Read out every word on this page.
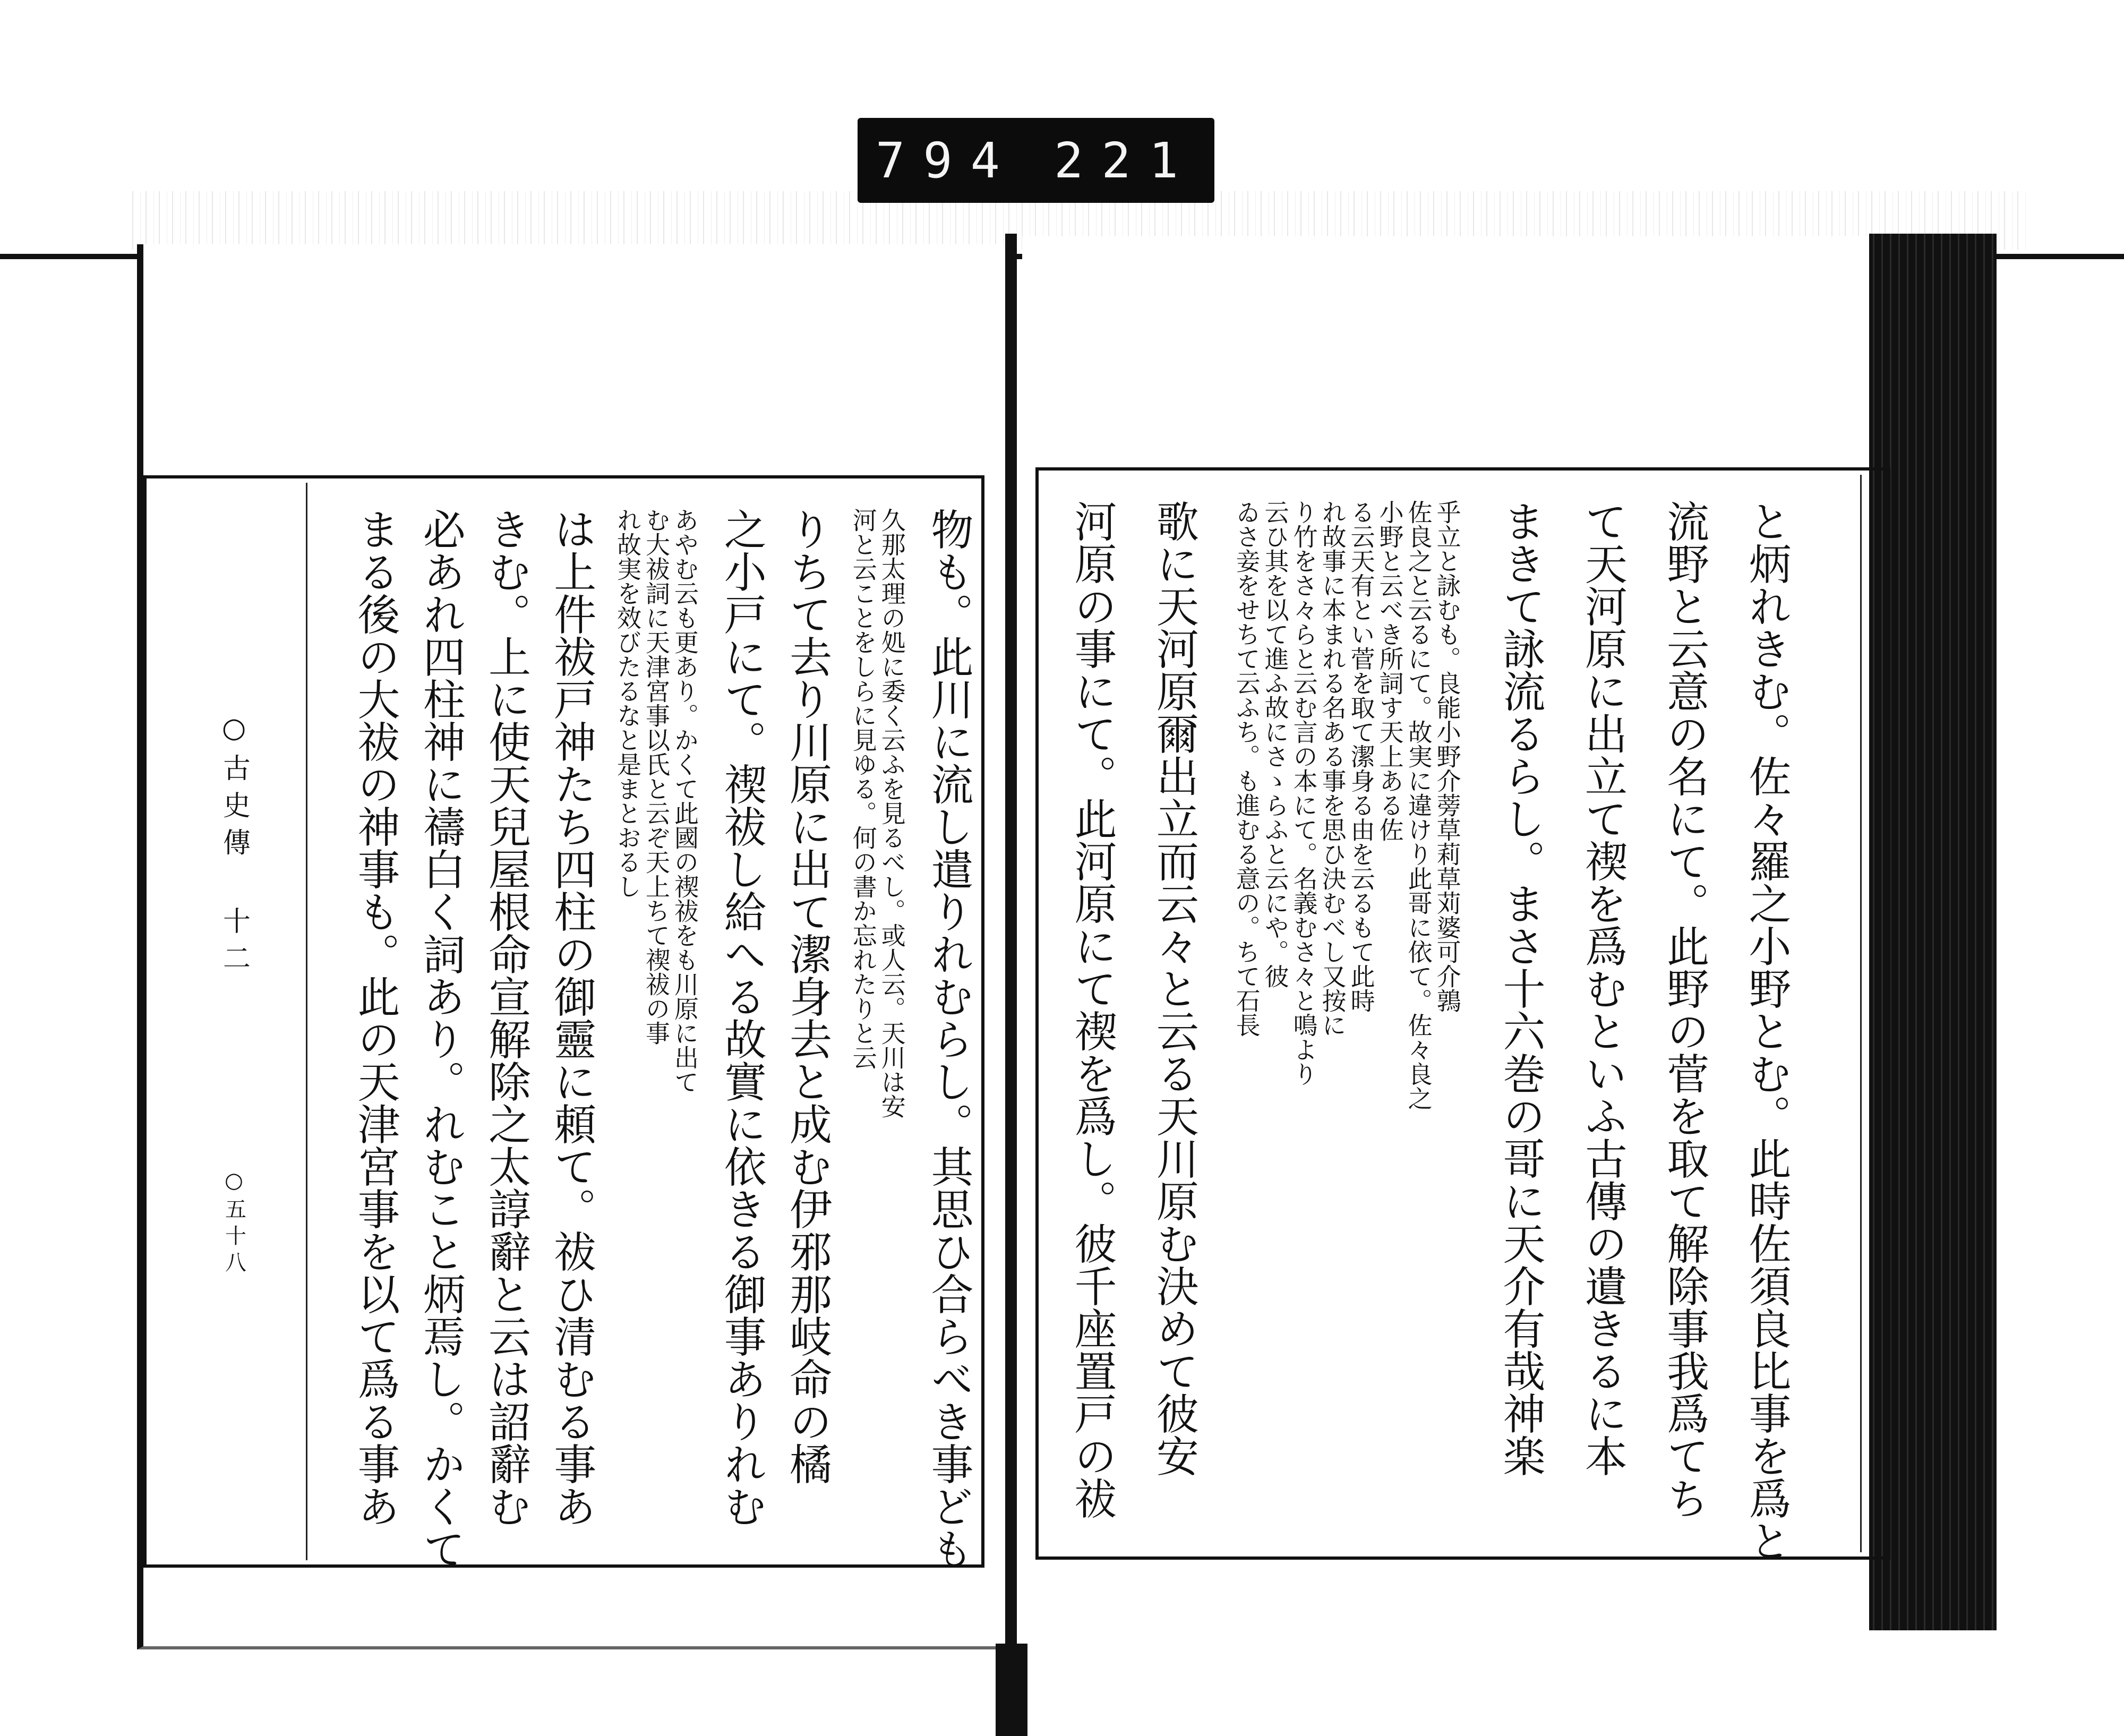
794 221
○古史傳 十二
○五十八	物も。此川に流し遣りれむらし。其思ひ合らべき事ども
久那太理の処に委く云ふを見るべし。或人云。天川は安
河と云ことをしらに見ゆる。何の書か忘れたりと云
りちて去り川原に出て潔身去と成む伊邪那岐命の橘
之小戸にて。禊祓し給へる故實に依きる御事ありれむ
あやむ云も更あり。かくて此國の禊祓をも川原に出て
む大祓詞に天津宮事以氏と云ぞ天上ちて禊祓の事
れ故実を效びたるなと是まとおるし
は上件祓戸神たち四柱の御靈に頼て。祓ひ清むる事あ
きむ。上に使天兒屋根命宣解除之太諄辭と云は詔辭む
必あれ四柱神に禱白く詞あり。れむこと炳焉し。かくて
まる後の大祓の神事も。此の天津宮事を以て爲る事あ	と炳れきむ。佐々羅之小野とむ。此時佐須良比事を爲と
流野と云意の名にて。此野の菅を取て解除事我爲てち
て天河原に出立て禊を爲むといふ古傳の遺きるに本
まきて詠流るらし。まさ十六巻の哥に天介有哉神楽
乎立と詠むも。良能小野介蒡草莉草苅婆可介鶉
佐良之と云るにて。故実に違けり此哥に依て。佐々良之
小野と云べき所詞す天上ある佐
る云天有とい菅を取て潔身る由を云るもて此時
れ故事に本まれる名ある事を思ひ決むべし又按に
り竹をさ々らと云む言の本にて。名義むさ々と鳴より
云ひ其を以て進ふ故にさゝらふと云にや。彼
ゐさ妾をせちて云ふち。も進むる意の。ちて石長
歌に天河原爾出立而云々と云る天川原む決めて彼安
河原の事にて。此河原にて禊を爲し。彼千座置戸の祓
